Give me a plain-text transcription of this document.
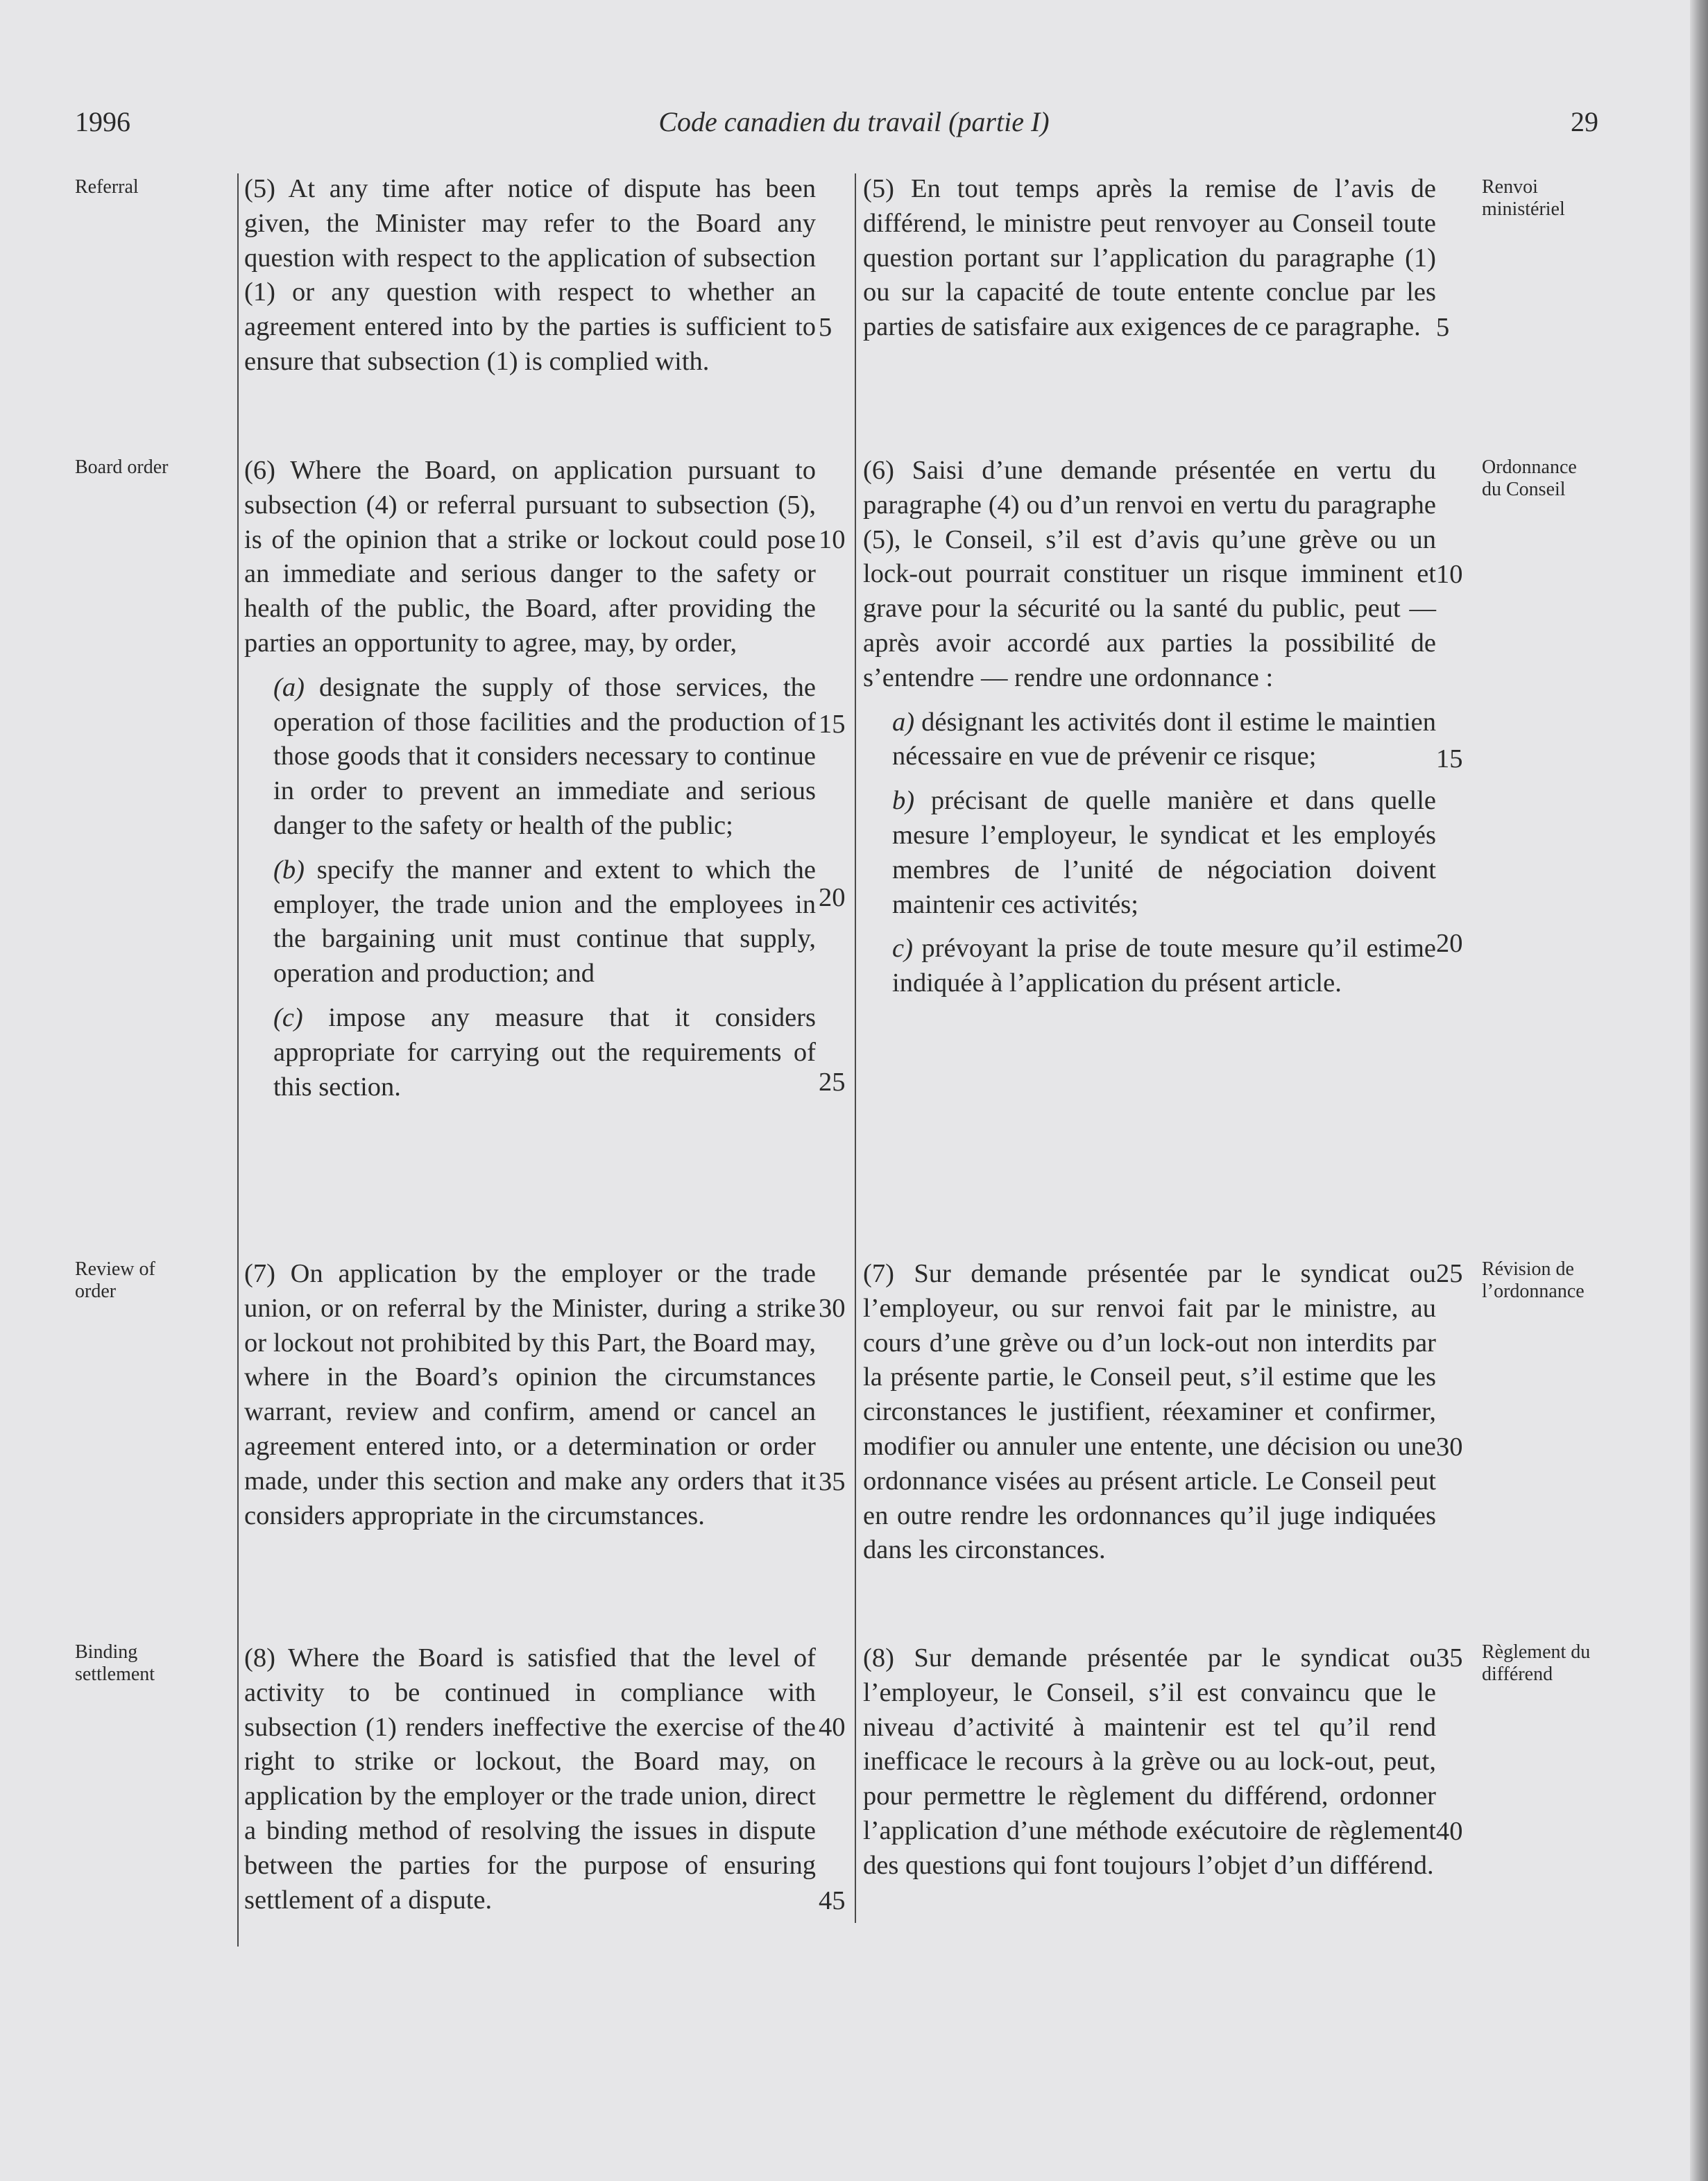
1996	Code canadien du travail (partie I)	29
Referral	Renvoi ministériel

(5) At any time after notice of dispute has been given, the Minister may refer to the Board any question with respect to the application of subsection (1) or any question with respect to whether an agreement entered into by the parties is sufficient to ensure that subsection (1) is complied with.

(5) En tout temps après la remise de l’avis de différend, le ministre peut renvoyer au Conseil toute question portant sur l’application du paragraphe (1) ou sur la capacité de toute entente conclue par les parties de satisfaire aux exigences de ce paragraphe.

Board order	Ordonnance du Conseil

(6) Where the Board, on application pursuant to subsection (4) or referral pursuant to subsection (5), is of the opinion that a strike or lockout could pose an immediate and serious danger to the safety or health of the public, the Board, after providing the parties an opportunity to agree, may, by order,

(a) designate the supply of those services, the operation of those facilities and the production of those goods that it considers necessary to continue in order to prevent an immediate and serious danger to the safety or health of the public;

(b) specify the manner and extent to which the employer, the trade union and the employees in the bargaining unit must continue that supply, operation and production; and

(c) impose any measure that it considers appropriate for carrying out the requirements of this section.

(6) Saisi d’une demande présentée en vertu du paragraphe (4) ou d’un renvoi en vertu du paragraphe (5), le Conseil, s’il est d’avis qu’une grève ou un lock-out pourrait constituer un risque imminent et grave pour la sécurité ou la santé du public, peut — après avoir accordé aux parties la possibilité de s’entendre — rendre une ordonnance :

a) désignant les activités dont il estime le maintien nécessaire en vue de prévenir ce risque;

b) précisant de quelle manière et dans quelle mesure l’employeur, le syndicat et les employés membres de l’unité de négociation doivent maintenir ces activités;

c) prévoyant la prise de toute mesure qu’il estime indiquée à l’application du présent article.

Review of order
Révision de l’ordonnance

(7) On application by the employer or the trade union, or on referral by the Minister, during a strike or lockout not prohibited by this Part, the Board may, where in the Board’s opinion the circumstances warrant, review and confirm, amend or cancel an agreement entered into, or a determination or order made, under this section and make any orders that it considers appropriate in the circumstances.

(7) Sur demande présentée par le syndicat ou l’employeur, ou sur renvoi fait par le ministre, au cours d’une grève ou d’un lock-out non interdits par la présente partie, le Conseil peut, s’il estime que les circonstances le justifient, réexaminer et confirmer, modifier ou annuler une entente, une décision ou une ordonnance visées au présent article. Le Conseil peut en outre rendre les ordonnances qu’il juge indiquées dans les circonstances.

Binding settlement
Règlement du différend

(8) Where the Board is satisfied that the level of activity to be continued in compliance with subsection (1) renders ineffective the exercise of the right to strike or lockout, the Board may, on application by the employer or the trade union, direct a binding method of resolving the issues in dispute between the parties for the purpose of ensuring settlement of a dispute.

(8) Sur demande présentée par le syndicat ou l’employeur, le Conseil, s’il est convaincu que le niveau d’activité à maintenir est tel qu’il rend inefficace le recours à la grève ou au lock-out, peut, pour permettre le règlement du différend, ordonner l’application d’une méthode exécutoire de règlement des questions qui font toujours l’objet d’un différend.

5
10
15
20
25
30
35
40
45
5
10
15
20
25
30
35
40
